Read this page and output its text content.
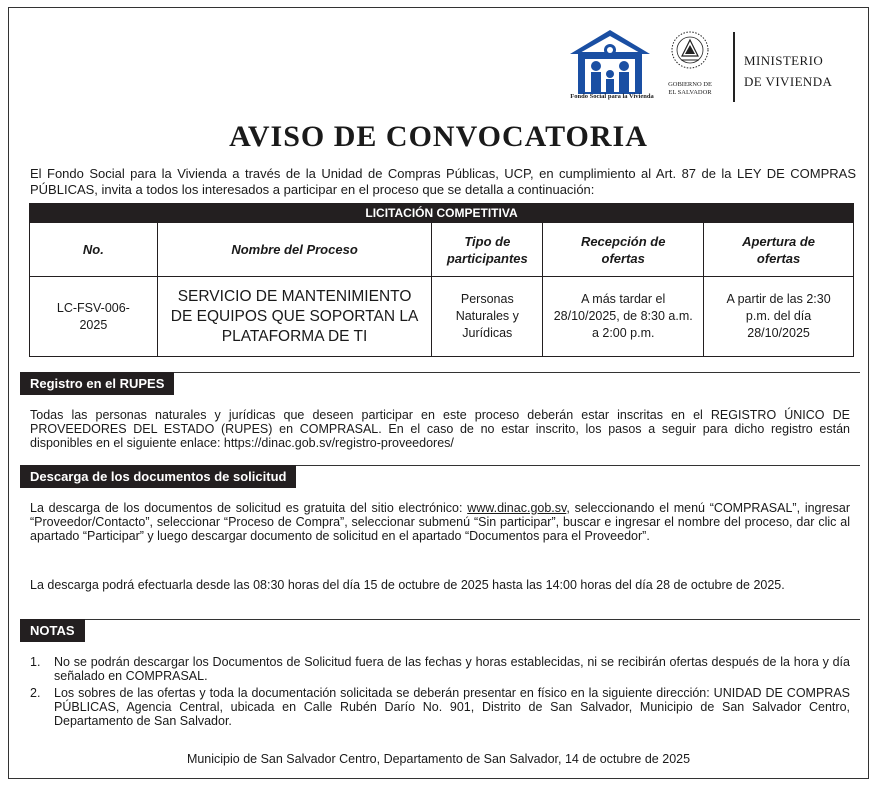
Fondo Social para la Vivienda
GOBIERNO DE
EL SALVADOR
MINISTERIO
DE VIVIENDA
AVISO DE CONVOCATORIA
El Fondo Social para la Vivienda a través de la Unidad de Compras Públicas, UCP, en cumplimiento al Art. 87 de la LEY DE COMPRAS PÚBLICAS, invita a todos los interesados a participar en el proceso que se detalla a continuación:
LICITACIÓN COMPETITIVA
No.	Nombre del Proceso	Tipo de participantes	Recepción de ofertas	Apertura de ofertas
LC-FSV-006-2025	SERVICIO DE MANTENIMIENTO DE EQUIPOS QUE SOPORTAN LA PLATAFORMA DE TI	Personas Naturales y Jurídicas	A más tardar el 28/10/2025, de 8:30 a.m. a 2:00 p.m.	A partir de las 2:30 p.m. del día 28/10/2025
Registro en el RUPES
Todas las personas naturales y jurídicas que deseen participar en este proceso deberán estar inscritas en el REGISTRO ÚNICO DE PROVEEDORES DEL ESTADO (RUPES) en COMPRASAL. En el caso de no estar inscrito, los pasos a seguir para dicho registro están disponibles en el siguiente enlace: https://dinac.gob.sv/registro-proveedores/
Descarga de los documentos de solicitud
La descarga de los documentos de solicitud es gratuita del sitio electrónico: www.dinac.gob.sv, seleccionando el menú “COMPRASAL”, ingresar “Proveedor/Contacto”, seleccionar “Proceso de Compra”, seleccionar submenú “Sin participar”, buscar e ingresar el nombre del proceso, dar clic al apartado “Participar” y luego descargar documento de solicitud en el apartado “Documentos para el Proveedor”.
La descarga podrá efectuarla desde las 08:30 horas del día 15 de octubre de 2025 hasta las 14:00 horas del día 28 de octubre de 2025.
NOTAS
1.	No se podrán descargar los Documentos de Solicitud fuera de las fechas y horas establecidas, ni se recibirán ofertas después de la hora y día señalado en COMPRASAL.
2.	Los sobres de las ofertas y toda la documentación solicitada se deberán presentar en físico en la siguiente dirección: UNIDAD DE COMPRAS PÚBLICAS, Agencia Central, ubicada en Calle Rubén Darío No. 901, Distrito de San Salvador, Municipio de San Salvador Centro, Departamento de San Salvador.
Municipio de San Salvador Centro, Departamento de San Salvador, 14 de octubre de 2025
